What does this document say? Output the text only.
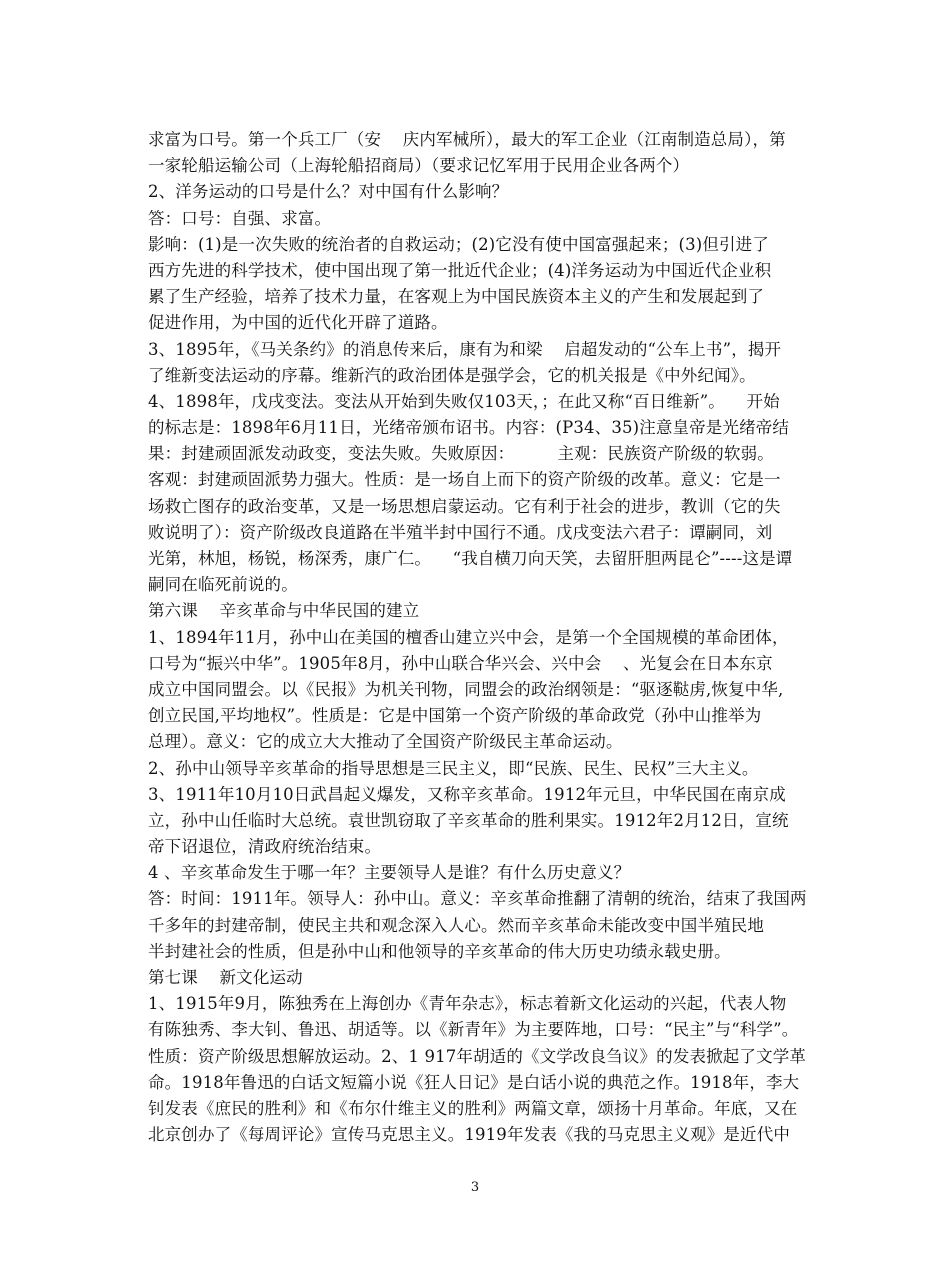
求富为口号。第一个兵工厂（安    庆内军械所），最大的军工企业（江南制造总局），第
一家轮船运输公司（上海轮船招商局）（要求记忆军用于民用企业各两个）
2、洋务运动的口号是什么？对中国有什么影响？
答：口号：自强、求富。
影响：(1)是一次失败的统治者的自救运动；(2)它没有使中国富强起来；(3)但引进了
西方先进的科学技术，使中国出现了第一批近代企业；(4)洋务运动为中国近代企业积
累了生产经验，培养了技术力量，在客观上为中国民族资本主义的产生和发展起到了
促进作用，为中国的近代化开辟了道路。
3、1895年，《马关条约》的消息传来后，康有为和梁    启超发动的“公车上书”，揭开
了维新变法运动的序幕。维新汽的政治团体是强学会，它的机关报是《中外纪闻》。
4、1898年，戊戌变法。变法从开始到失败仅103天，；在此又称“百日维新”。    开始
的标志是：1898年6月11日，光绪帝颁布诏书。内容：(P34、35)注意皇帝是光绪帝结
果：封建顽固派发动政变，变法失败。失败原因：        主观：民族资产阶级的软弱。
客观：封建顽固派势力强大。性质：是一场自上而下的资产阶级的改革。意义：它是一
场救亡图存的政治变革，又是一场思想启蒙运动。它有利于社会的进步，教训（它的失
败说明了）：资产阶级改良道路在半殖半封中国行不通。戊戌变法六君子：谭嗣同，刘
光第，林旭，杨锐，杨深秀，康广仁。    “我自横刀向天笑，去留肝胆两昆仑”----这是谭
嗣同在临死前说的。
第六课    辛亥革命与中华民国的建立
1、1894年11月，孙中山在美国的檀香山建立兴中会，是第一个全国规模的革命团体，
口号为“振兴中华”。1905年8月，孙中山联合华兴会、兴中会    、光复会在日本东京
成立中国同盟会。以《民报》为机关刊物，同盟会的政治纲领是：“驱逐鞑虏,恢复中华,
创立民国,平均地权”。性质是：它是中国第一个资产阶级的革命政党（孙中山推举为
总理）。意义：它的成立大大推动了全国资产阶级民主革命运动。
2、孙中山领导辛亥革命的指导思想是三民主义，即“民族、民生、民权”三大主义。
3、1911年10月10日武昌起义爆发，又称辛亥革命。1912年元旦，中华民国在南京成
立，孙中山任临时大总统。袁世凯窃取了辛亥革命的胜利果实。1912年2月12日，宣统
帝下诏退位，清政府统治结束。
4 、辛亥革命发生于哪一年？主要领导人是谁？有什么历史意义？
答：时间：1911年。领导人：孙中山。意义：辛亥革命推翻了清朝的统治，结束了我国两
千多年的封建帝制，使民主共和观念深入人心。然而辛亥革命未能改变中国半殖民地
半封建社会的性质，但是孙中山和他领导的辛亥革命的伟大历史功绩永载史册。
第七课    新文化运动
1、1915年9月，陈独秀在上海创办《青年杂志》，标志着新文化运动的兴起，代表人物
有陈独秀、李大钊、鲁迅、胡适等。以《新青年》为主要阵地，口号：“民主”与“科学”。
性质：资产阶级思想解放运动。2、1 917年胡适的《文学改良刍议》的发表掀起了文学革
命。1918年鲁迅的白话文短篇小说《狂人日记》是白话小说的典范之作。1918年，李大
钊发表《庶民的胜利》和《布尔什维主义的胜利》两篇文章，颂扬十月革命。年底，又在
北京创办了《每周评论》宣传马克思主义。1919年发表《我的马克思主义观》是近代中
3
